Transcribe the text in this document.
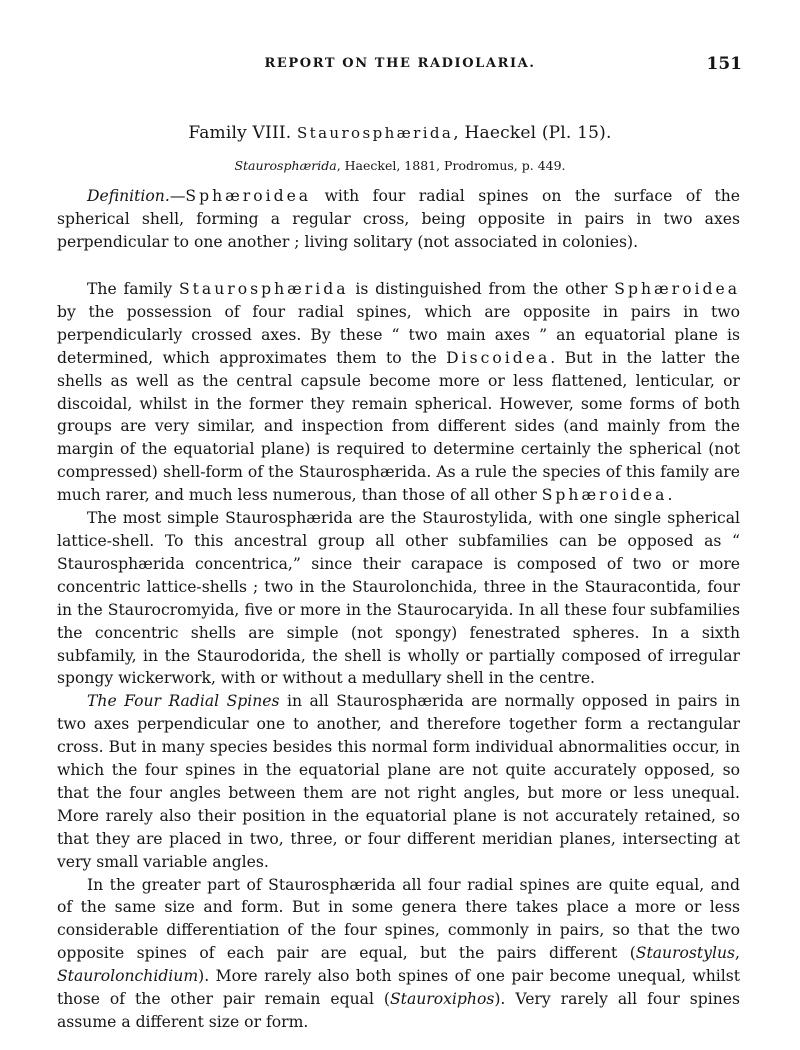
REPORT ON THE RADIOLARIA.	151
Family VIII. Staurosphærida, Haeckel (Pl. 15).
Staurosphærida, Haeckel, 1881, Prodromus, p. 449.

Definition.—Sphæroidea with four radial spines on the surface of the spherical shell, forming a regular cross, being opposite in pairs in two axes perpendicular to one another ; living solitary (not associated in colonies).

The family Staurosphærida is distinguished from the other Sphæroidea by the possession of four radial spines, which are opposite in pairs in two perpendicularly crossed axes. By these “ two main axes ” an equatorial plane is determined, which approximates them to the Discoidea. But in the latter the shells as well as the central capsule become more or less flattened, lenticular, or discoidal, whilst in the former they remain spherical. However, some forms of both groups are very similar, and inspection from different sides (and mainly from the margin of the equatorial plane) is required to determine certainly the spherical (not compressed) shell-form of the Staurosphærida. As a rule the species of this family are much rarer, and much less numerous, than those of all other Sphæroidea.

The most simple Staurosphærida are the Staurostylida, with one single spherical lattice-shell. To this ancestral group all other subfamilies can be opposed as “ Staurosphærida concentrica,” since their carapace is composed of two or more concentric lattice-shells ; two in the Staurolonchida, three in the Stauracontida, four in the Staurocromyida, five or more in the Staurocaryida. In all these four subfamilies the concentric shells are simple (not spongy) fenestrated spheres. In a sixth subfamily, in the Staurodorida, the shell is wholly or partially composed of irregular spongy wickerwork, with or without a medullary shell in the centre.

The Four Radial Spines in all Staurosphærida are normally opposed in pairs in two axes perpendicular one to another, and therefore together form a rectangular cross. But in many species besides this normal form individual abnormalities occur, in which the four spines in the equatorial plane are not quite accurately opposed, so that the four angles between them are not right angles, but more or less unequal. More rarely also their position in the equatorial plane is not accurately retained, so that they are placed in two, three, or four different meridian planes, intersecting at very small variable angles.

In the greater part of Staurosphærida all four radial spines are quite equal, and of the same size and form. But in some genera there takes place a more or less considerable differentiation of the four spines, commonly in pairs, so that the two opposite spines of each pair are equal, but the pairs different (Staurostylus, Staurolonchidium). More rarely also both spines of one pair become unequal, whilst those of the other pair remain equal (Stauroxiphos). Very rarely all four spines assume a different size or form.
